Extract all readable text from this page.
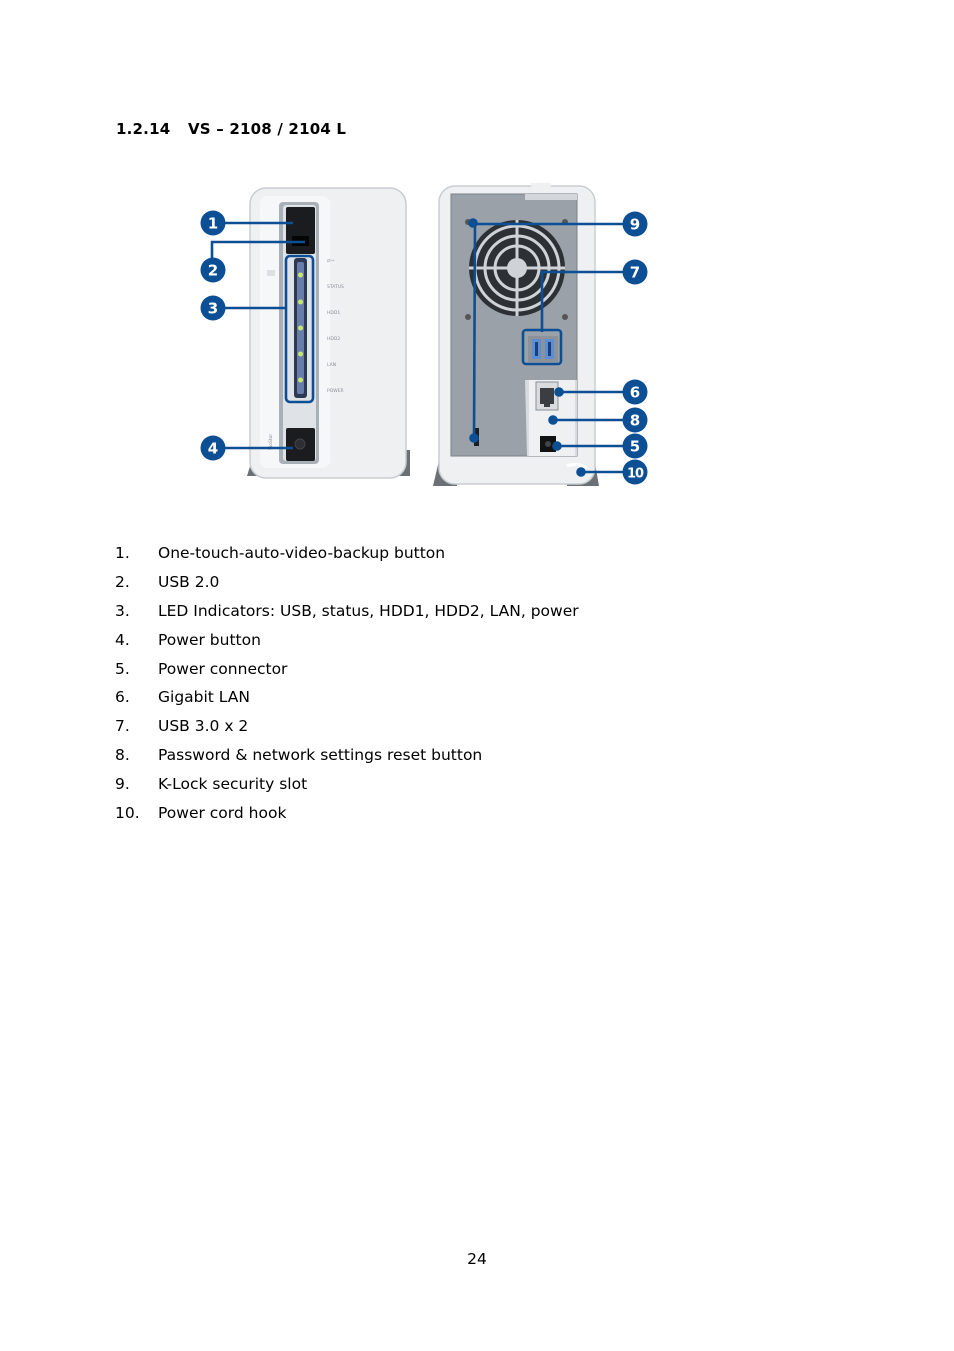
1.2.14 VS – 2108 / 2104 L
VioStor
⇄⇀
STATUS
HDD1
HDD2
LAN
POWER
1
2
3
4
9
7
6
8
5
10
1. One-touch-auto-video-backup button
2. USB 2.0
3. LED Indicators: USB, status, HDD1, HDD2, LAN, power
4. Power button
5. Power connector
6. Gigabit LAN
7. USB 3.0 x 2
8. Password & network settings reset button
9. K-Lock security slot
10. Power cord hook
24
